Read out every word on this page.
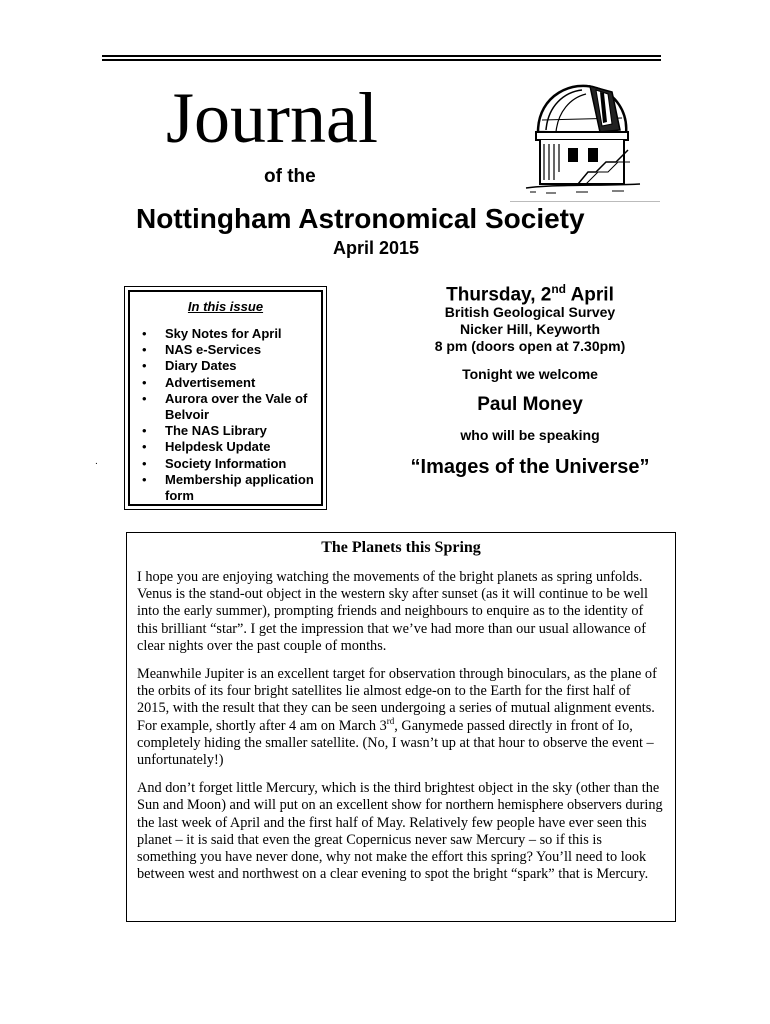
Journal
of the
Nottingham Astronomical Society
April 2015
In this issue
• Sky Notes for April
• NAS e-Services
• Diary Dates
• Advertisement
• Aurora over the Vale of Belvoir
• The NAS Library
• Helpdesk Update
• Society Information
• Membership application form
.
Thursday, 2nd April
British Geological Survey
Nicker Hill, Keyworth
8 pm (doors open at 7.30pm)
Tonight we welcome
Paul Money
who will be speaking
“Images of the Universe”
The Planets this Spring

I hope you are enjoying watching the movements of the bright planets as spring unfolds. Venus is the stand-out object in the western sky after sunset (as it will continue to be well into the early summer), prompting friends and neighbours to enquire as to the identity of this brilliant “star”. I get the impression that we’ve had more than our usual allowance of clear nights over the past couple of months.

Meanwhile Jupiter is an excellent target for observation through binoculars, as the plane of the orbits of its four bright satellites lie almost edge-on to the Earth for the first half of 2015, with the result that they can be seen undergoing a series of mutual alignment events. For example, shortly after 4 am on March 3rd, Ganymede passed directly in front of Io, completely hiding the smaller satellite. (No, I wasn’t up at that hour to observe the event – unfortunately!)

And don’t forget little Mercury, which is the third brightest object in the sky (other than the Sun and Moon) and will put on an excellent show for northern hemisphere observers during the last week of April and the first half of May. Relatively few people have ever seen this planet – it is said that even the great Copernicus never saw Mercury – so if this is something you have never done, why not make the effort this spring? You’ll need to look between west and northwest on a clear evening to spot the bright “spark” that is Mercury.
